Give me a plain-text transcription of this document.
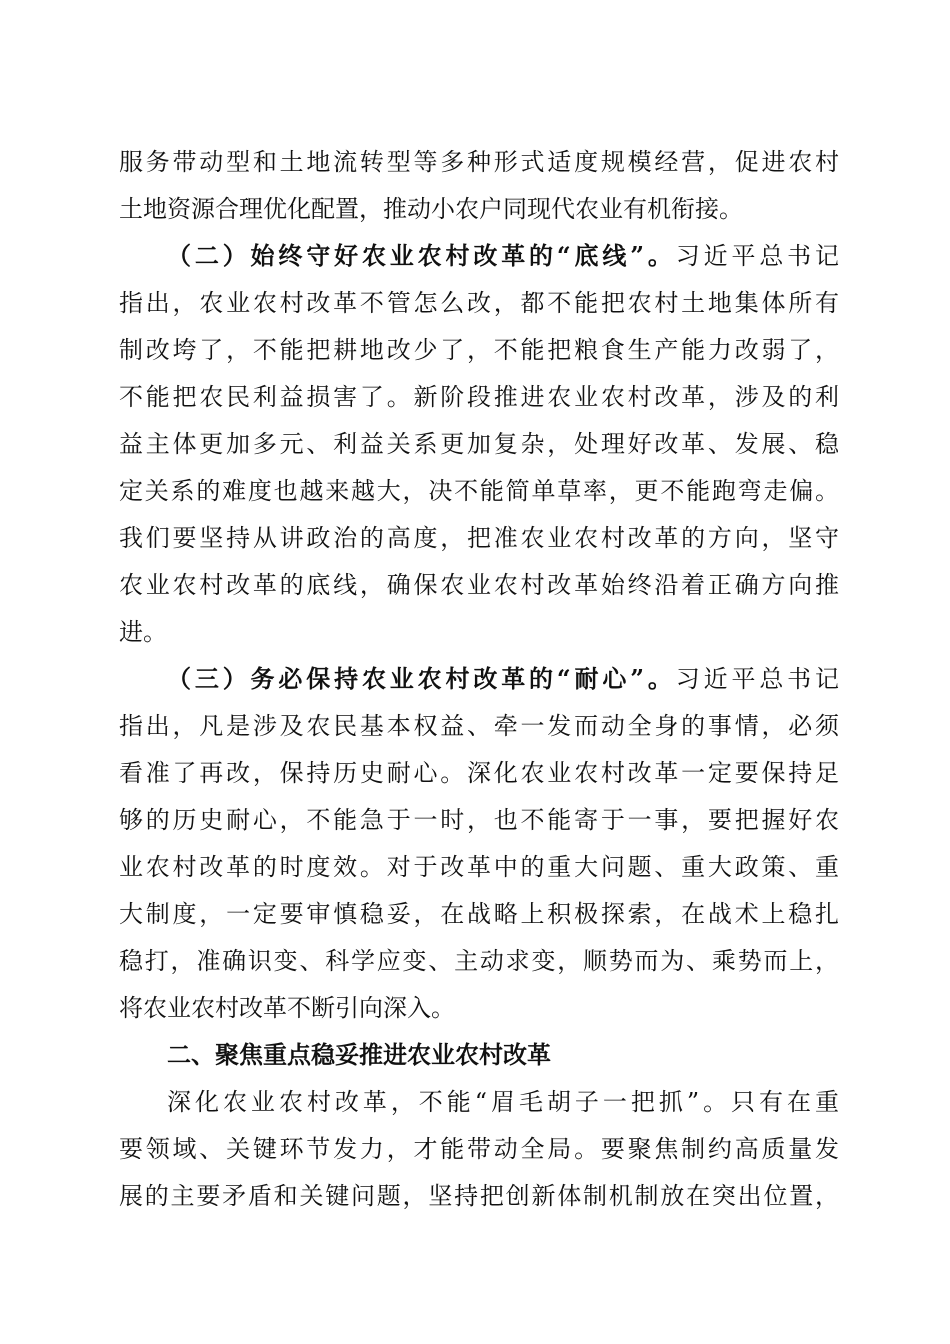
服务带动型和土地流转型等多种形式适度规模经营，促进农村
土地资源合理优化配置，推动小农户同现代农业有机衔接。
（二）始终守好农业农村改革的“底线”。习近平总书记
指出，农业农村改革不管怎么改，都不能把农村土地集体所有
制改垮了，不能把耕地改少了，不能把粮食生产能力改弱了，
不能把农民利益损害了。新阶段推进农业农村改革，涉及的利
益主体更加多元、利益关系更加复杂，处理好改革、发展、稳
定关系的难度也越来越大，决不能简单草率，更不能跑弯走偏。
我们要坚持从讲政治的高度，把准农业农村改革的方向，坚守
农业农村改革的底线，确保农业农村改革始终沿着正确方向推
进。
（三）务必保持农业农村改革的“耐心”。习近平总书记
指出，凡是涉及农民基本权益、牵一发而动全身的事情，必须
看准了再改，保持历史耐心。深化农业农村改革一定要保持足
够的历史耐心，不能急于一时，也不能寄于一事，要把握好农
业农村改革的时度效。对于改革中的重大问题、重大政策、重
大制度，一定要审慎稳妥，在战略上积极探索，在战术上稳扎
稳打，准确识变、科学应变、主动求变，顺势而为、乘势而上，
将农业农村改革不断引向深入。
二、聚焦重点稳妥推进农业农村改革
深化农业农村改革，不能“眉毛胡子一把抓”。只有在重
要领域、关键环节发力，才能带动全局。要聚焦制约高质量发
展的主要矛盾和关键问题，坚持把创新体制机制放在突出位置，
